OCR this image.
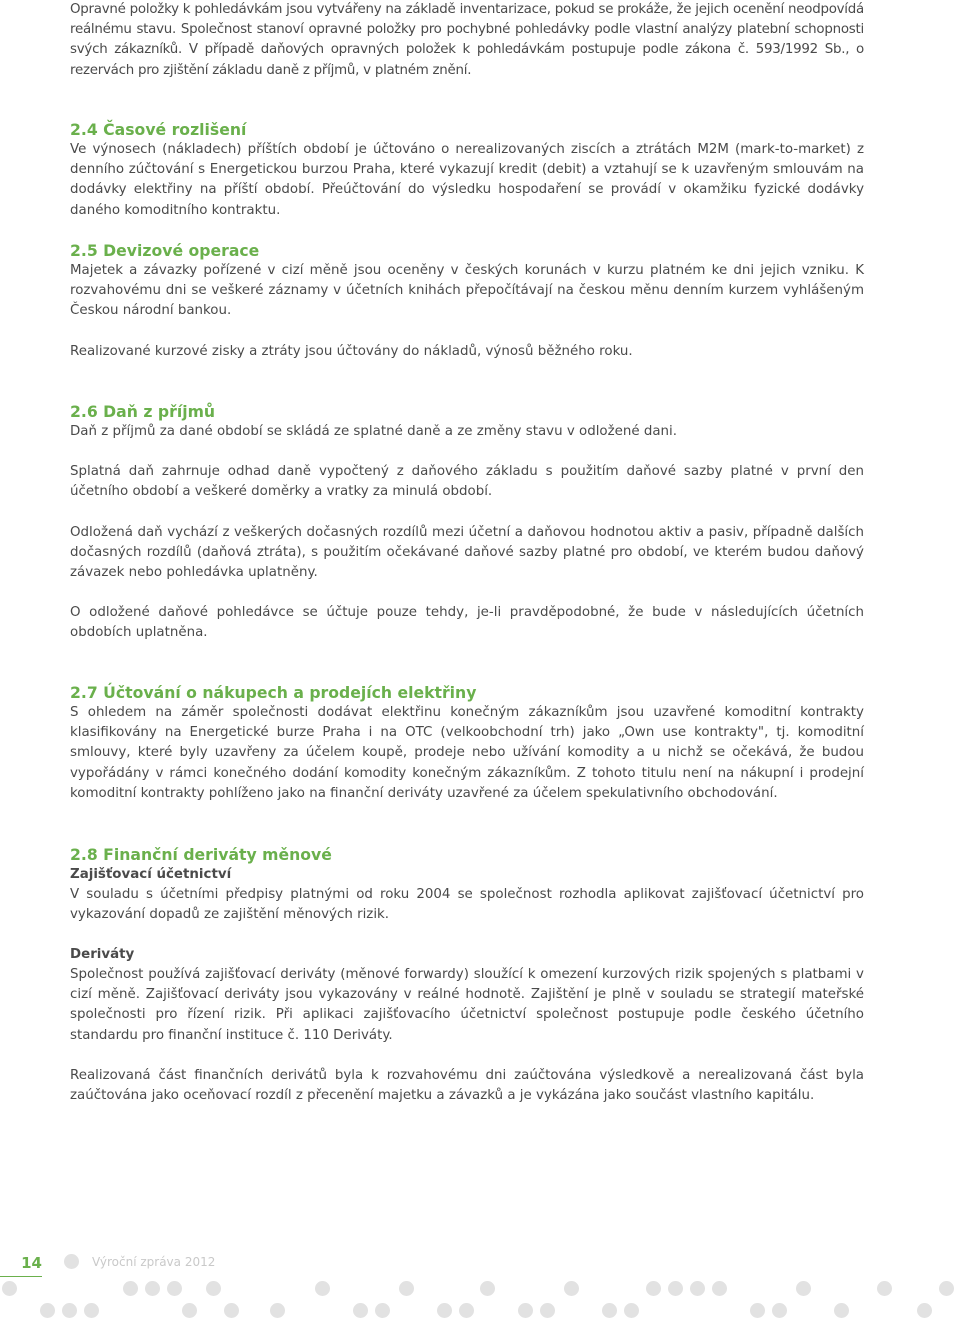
Opravné položky k pohledávkám jsou vytvářeny na základě inventarizace, pokud se prokáže, že jejich ocenění neodpovídá reálnému stavu. Společnost stanoví opravné položky pro pochybné pohledávky podle vlastní analýzy platební schopnosti svých zákazníků. V případě daňových opravných položek k pohledávkám postupuje podle zákona č. 593/1992 Sb., o rezervách pro zjištění základu daně z příjmů, v platném znění.

2.4 Časové rozlišení

Ve výnosech (nákladech) příštích období je účtováno o nerealizovaných ziscích a ztrátách M2M (mark-to-market) z denního zúčtování s Energetickou burzou Praha, které vykazují kredit (debit) a vztahují se k uzavřeným smlouvám na dodávky elektřiny na příští období. Přeúčtování do výsledku hospodaření se provádí v okamžiku fyzické dodávky daného komoditního kontraktu.

2.5 Devizové operace

Majetek a závazky pořízené v cizí měně jsou oceněny v českých korunách v kurzu platném ke dni jejich vzniku. K rozvahovému dni se veškeré záznamy v účetních knihách přepočítávají na českou měnu denním kurzem vyhlášeným Českou národní bankou.

Realizované kurzové zisky a ztráty jsou účtovány do nákladů, výnosů běžného roku.

2.6 Daň z příjmů

Daň z příjmů za dané období se skládá ze splatné daně a ze změny stavu v odložené dani.

Splatná daň zahrnuje odhad daně vypočtený z daňového základu s použitím daňové sazby platné v první den účetního období a veškeré doměrky a vratky za minulá období.

Odložená daň vychází z veškerých dočasných rozdílů mezi účetní a daňovou hodnotou aktiv a pasiv, případně dalších dočasných rozdílů (daňová ztráta), s použitím očekávané daňové sazby platné pro období, ve kterém budou daňový závazek nebo pohledávka uplatněny.

O odložené daňové pohledávce se účtuje pouze tehdy, je-li pravděpodobné, že bude v následujících účetních obdobích uplatněna.

2.7 Účtování o nákupech a prodejích elektřiny

S ohledem na záměr společnosti dodávat elektřinu konečným zákazníkům jsou uzavřené komoditní kontrakty klasifikovány na Energetické burze Praha i na OTC (velkoobchodní trh) jako „Own use kontrakty", tj. komoditní smlouvy, které byly uzavřeny za účelem koupě, prodeje nebo užívání komodity a u nichž se očekává, že budou vypořádány v rámci konečného dodání komodity konečným zákazníkům. Z tohoto titulu není na nákupní i prodejní komoditní kontrakty pohlíženo jako na finanční deriváty uzavřené za účelem spekulativního obchodování.

2.8 Finanční deriváty měnové
Zajišťovací účetnictví

V souladu s účetními předpisy platnými od roku 2004 se společnost rozhodla aplikovat zajišťovací účetnictví pro vykazování dopadů ze zajištění měnových rizik.

Deriváty

Společnost používá zajišťovací deriváty (měnové forwardy) sloužící k omezení kurzových rizik spojených s platbami v cizí měně. Zajišťovací deriváty jsou vykazovány v reálné hodnotě. Zajištění je plně v souladu se strategií mateřské společnosti pro řízení rizik. Při aplikaci zajišťovacího účetnictví společnost postupuje podle českého účetního standardu pro finanční instituce č. 110 Deriváty.

Realizovaná část finančních derivátů byla k rozvahovému dni zaúčtována výsledkově a nerealizovaná část byla zaúčtována jako oceňovací rozdíl z přecenění majetku a závazků a je vykázána jako součást vlastního kapitálu.

14	Výroční zpráva 2012
